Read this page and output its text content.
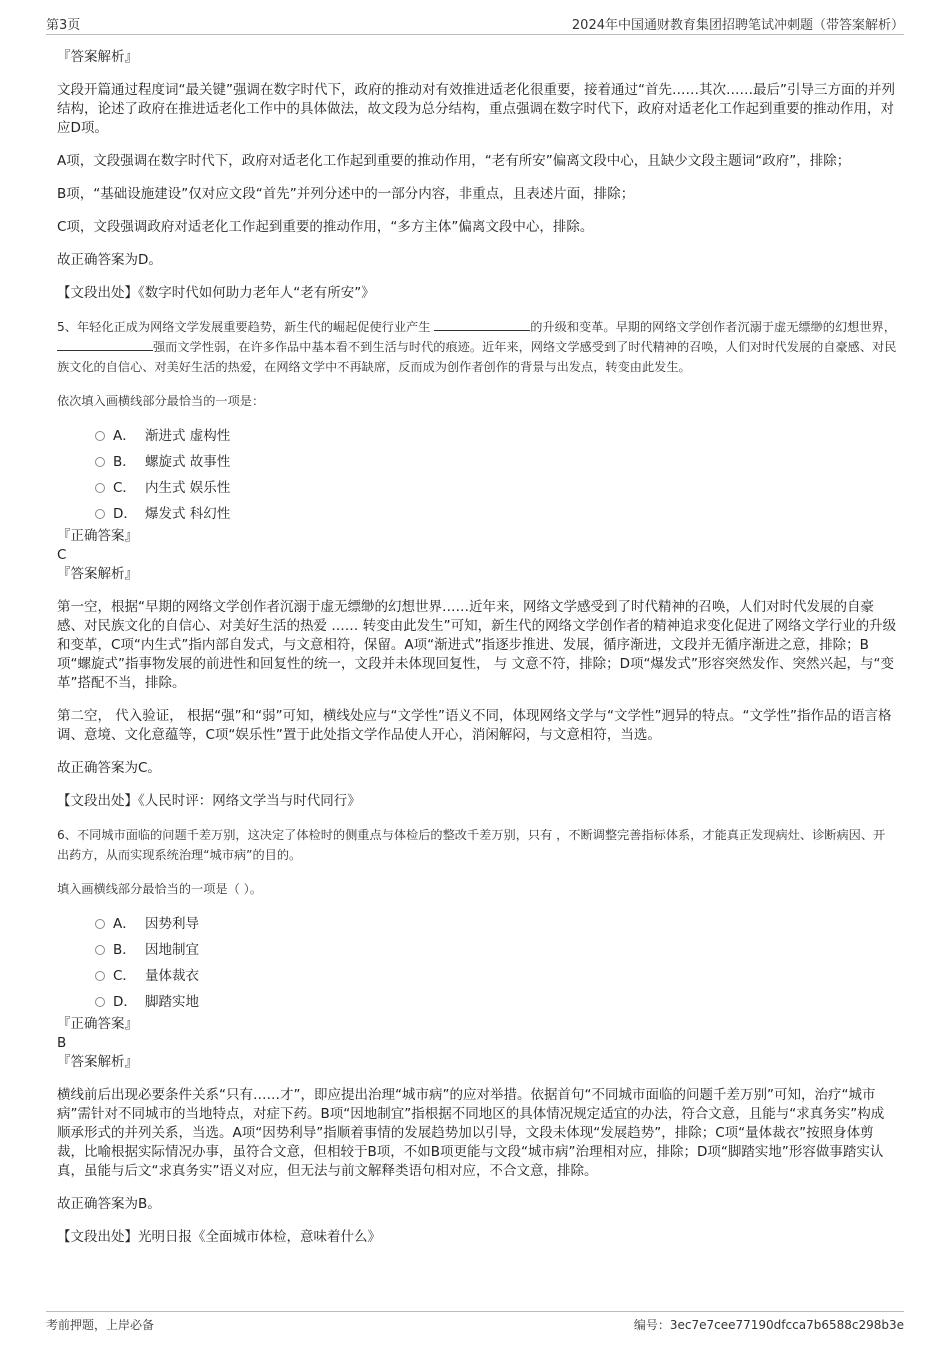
第3页	2024年中国通财教育集团招聘笔试冲刺题（带答案解析）

『答案解析』

文段开篇通过程度词“最关键”强调在数字时代下，政府的推动对有效推进适老化很重要，接着通过“首先……其次……最后”引导三方面的并列结构，论述了政府在推进适老化工作中的具体做法，故文段为总分结构，重点强调在数字时代下，政府对适老化工作起到重要的推动作用，对应D项。

A项，文段强调在数字时代下，政府对适老化工作起到重要的推动作用，“老有所安”偏离文段中心，且缺少文段主题词“政府”，排除；

B项，“基础设施建设”仅对应文段“首先”并列分述中的一部分内容，非重点，且表述片面，排除；

C项，文段强调政府对适老化工作起到重要的推动作用，“多方主体”偏离文段中心，排除。

故正确答案为D。

【文段出处】《数字时代如何助力老年人“老有所安”》

5、年轻化正成为网络文学发展重要趋势，新生代的崛起促使行业产生	的升级和变革。早期的网络文学创作者沉溺于虚无缥缈的幻想世界， 强而文学性弱，在许多作品中基本看不到生活与时代的痕迹。近年来，网络文学感受到了时代精神的召唤，人们对时代发展的自豪感、对民族文化的自信心、对美好生活的热爱，在网络文学中不再缺席，反而成为创作者创作的背景与出发点，转变由此发生。

依次填入画横线部分最恰当的一项是：

A． 渐进式 虚构性
B． 螺旋式 故事性
C． 内生式 娱乐性
D． 爆发式 科幻性

『正确答案』

C

『答案解析』

第一空，根据“早期的网络文学创作者沉溺于虚无缥缈的幻想世界……近年来，网络文学感受到了时代精神的召唤，人们对时代发展的自豪感、对民族文化的自信心、对美好生活的热爱 …… 转变由此发生”可知，新生代的网络文学创作者的精神追求变化促进了网络文学行业的升级和变革，C项“内生式”指内部自发式，与文意相符，保留。A项“渐进式”指逐步推进、发展，循序渐进，文段并无循序渐进之意，排除；B项“螺旋式”指事物发展的前进性和回复性的统一，文段并未体现回复性， 与 文意不符，排除；D项“爆发式”形容突然发作、突然兴起，与“变革”搭配不当，排除。

第二空， 代入验证， 根据“强”和“弱”可知，横线处应与“文学性”语义不同，体现网络文学与“文学性”迥异的特点。“文学性”指作品的语言格调、意境、文化意蕴等，C项“娱乐性”置于此处指文学作品使人开心，消闲解闷，与文意相符，当选。

故正确答案为C。

【文段出处】《人民时评：网络文学当与时代同行》

6、不同城市面临的问题千差万别，这决定了体检时的侧重点与体检后的整改千差万别，只有 ，不断调整完善指标体系，才能真正发现病灶、诊断病因、开出药方，从而实现系统治理“城市病”的目的。

填入画横线部分最恰当的一项是（ ）。

A． 因势利导
B． 因地制宜
C． 量体裁衣
D． 脚踏实地

『正确答案』

B

『答案解析』

横线前后出现必要条件关系“只有……才”，即应提出治理“城市病”的应对举措。依据首句“不同城市面临的问题千差万别”可知，治疗“城市病”需针对不同城市的当地特点，对症下药。B项“因地制宜”指根据不同地区的具体情况规定适宜的办法，符合文意，且能与“求真务实”构成顺承形式的并列关系，当选。A项“因势利导”指顺着事情的发展趋势加以引导，文段未体现“发展趋势”，排除；C项“量体裁衣”按照身体剪裁，比喻根据实际情况办事，虽符合文意，但相较于B项，不如B项更能与文段“城市病”治理相对应，排除；D项“脚踏实地”形容做事踏实认真，虽能与后文“求真务实”语义对应，但无法与前文解释类语句相对应，不合文意，排除。

故正确答案为B。

【文段出处】光明日报《全面城市体检，意味着什么》

考前押题，上岸必备	编号：3ec7e7cee77190dfcca7b6588c298b3e
